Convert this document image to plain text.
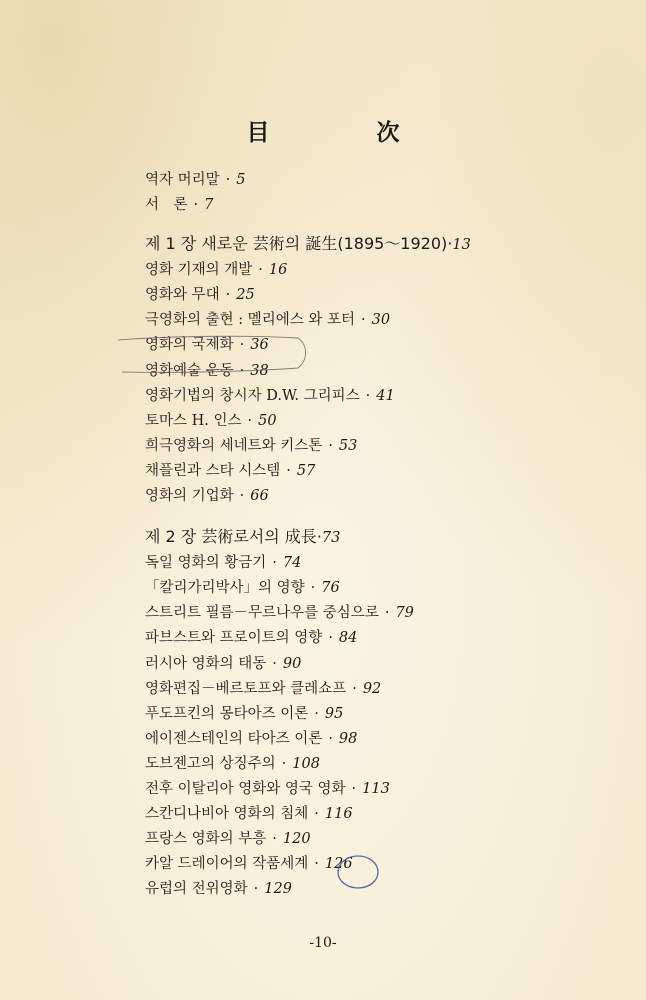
目　次
역자 머리말 · 5
서　론 · 7
제 1 장 새로운 芸術의 誕生(1895～1920)·13
영화 기재의 개발 · 16
영화와 무대 · 25
극영화의 출현 : 멜리에스 와 포터 · 30
영화의 국제화 · 36
영화예술 운동 · 38
영화기법의 창시자 D.W. 그리피스 · 41
토마스 H. 인스 · 50
희극영화의 세네트와 키스톤 · 53
채플린과 스타 시스템 · 57
영화의 기업화 · 66
제 2 장 芸術로서의 成長·73
독일 영화의 황금기 · 74
「칼리가리박사」의 영향 · 76
스트리트 필름－무르나우를 중심으로 · 79
파브스트와 프로이트의 영향 · 84
러시아 영화의 태동 · 90
영화편집－베르토프와 클레쇼프 · 92
푸도프킨의 몽타아즈 이론 · 95
에이젠스테인의 타아즈 이론 · 98
도브젠고의 상징주의 · 108
전후 이탈리아 영화와 영국 영화 · 113
스칸디나비아 영화의 침체 · 116
프랑스 영화의 부흥 · 120
카알 드레이어의 작품세계 · 126
유럽의 전위영화 · 129
-10-
